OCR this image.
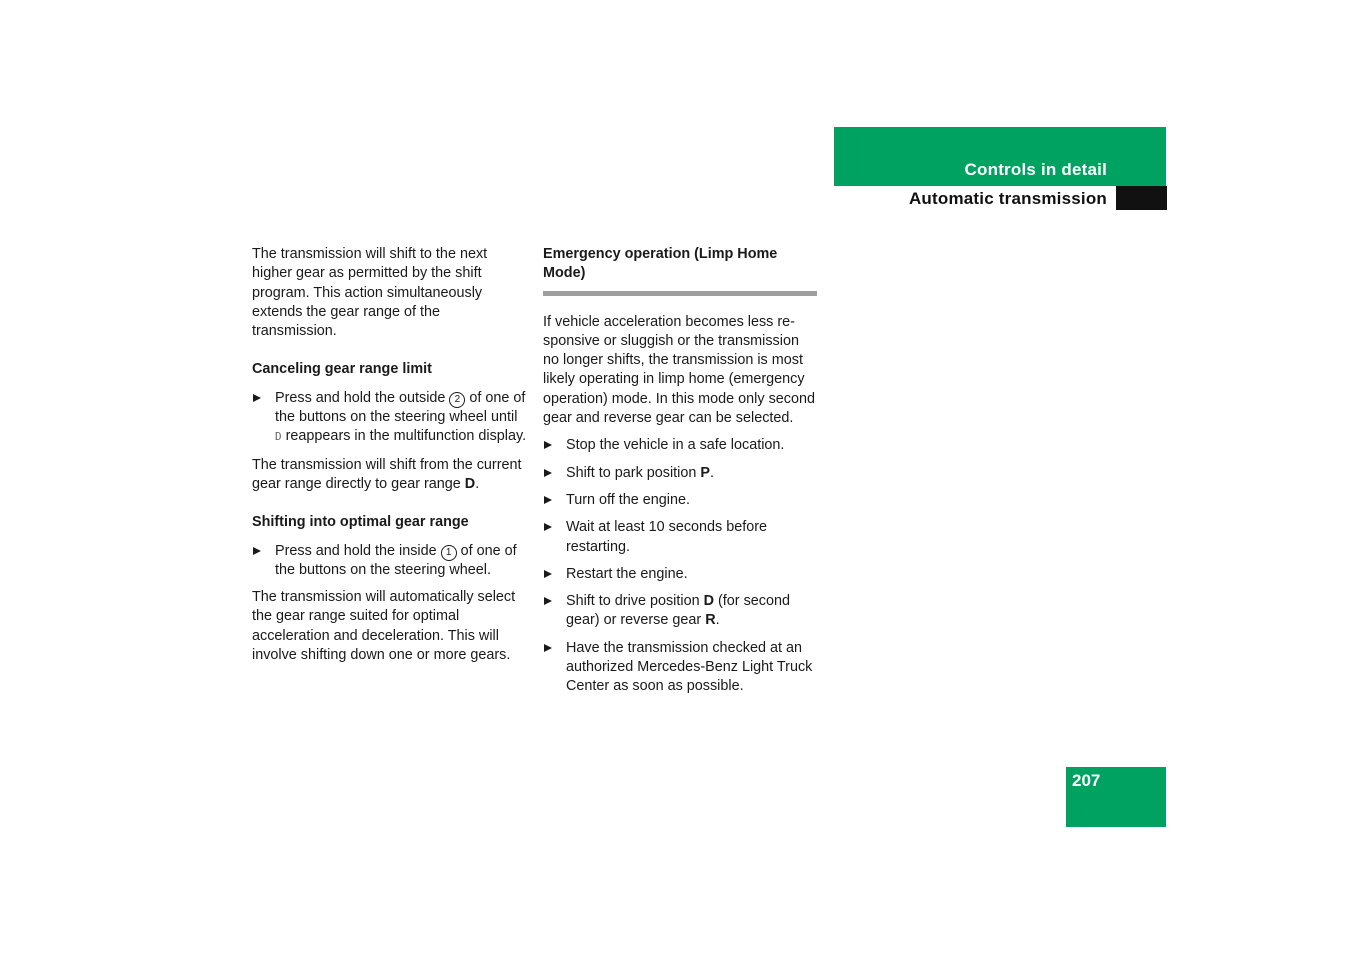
Controls in detail
Automatic transmission

The transmission will shift to the next higher gear as permitted by the shift program. This action simultaneously extends the gear range of the transmission.

Canceling gear range limit

Press and hold the outside 2 of one of the buttons on the steering wheel until D reappears in the multifunction display.

The transmission will shift from the current gear range directly to gear range D.

Shifting into optimal gear range

Press and hold the inside 1 of one of the buttons on the steering wheel.

The transmission will automatically select the gear range suited for optimal acceleration and deceleration. This will involve shifting down one or more gears.

Emergency operation (Limp Home Mode)

If vehicle acceleration becomes less re-sponsive or sluggish or the transmission no longer shifts, the transmission is most likely operating in limp home (emergency operation) mode. In this mode only second gear and reverse gear can be selected.

Stop the vehicle in a safe location.
Shift to park position P.
Turn off the engine.
Wait at least 10 seconds before restarting.
Restart the engine.
Shift to drive position D (for second gear) or reverse gear R.
Have the transmission checked at an authorized Mercedes-Benz Light Truck Center as soon as possible.
207
